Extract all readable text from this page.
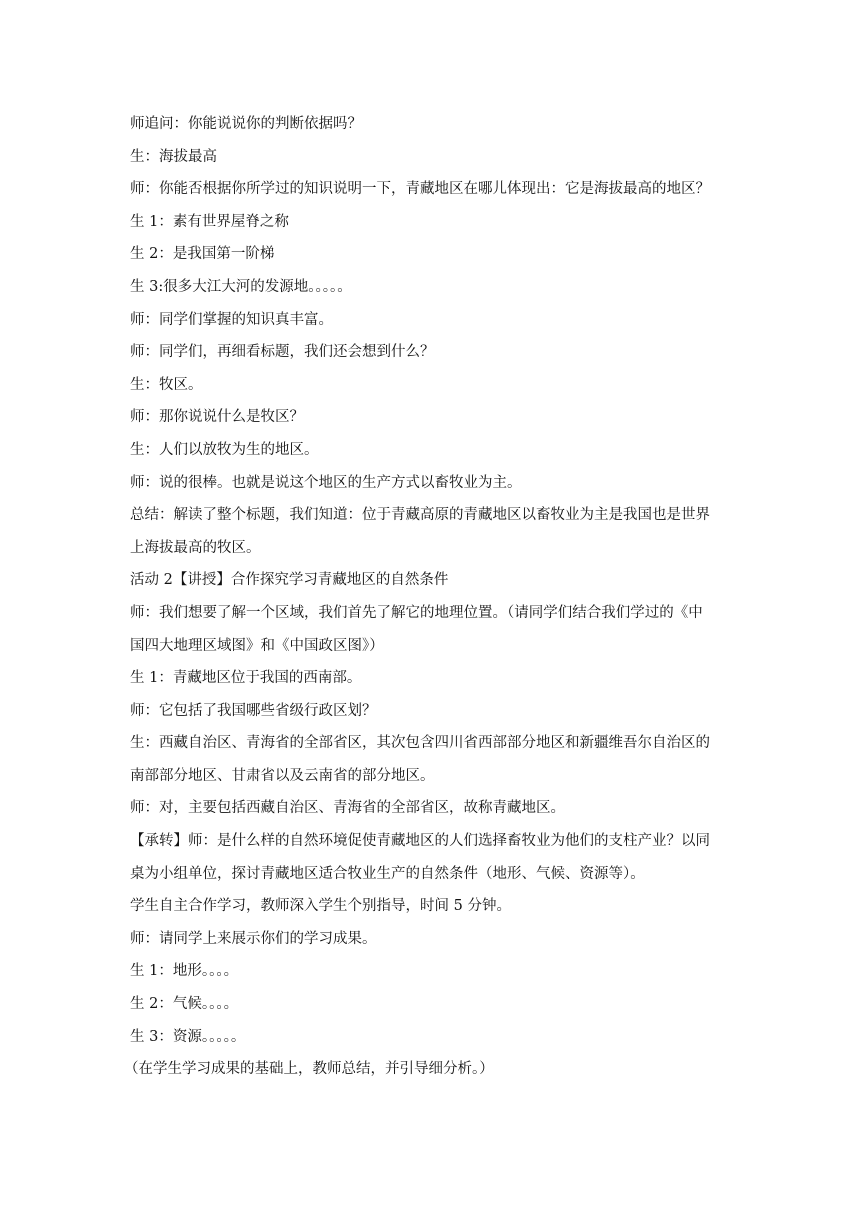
师追问：你能说说你的判断依据吗？
生：海拔最高
师：你能否根据你所学过的知识说明一下，青藏地区在哪儿体现出：它是海拔最高的地区？
生 1：素有世界屋脊之称
生 2：是我国第一阶梯
生 3:很多大江大河的发源地。。。。。
师：同学们掌握的知识真丰富。
师：同学们，再细看标题，我们还会想到什么？
生：牧区。
师：那你说说什么是牧区？
生：人们以放牧为生的地区。
师：说的很棒。也就是说这个地区的生产方式以畜牧业为主。
总结：解读了整个标题，我们知道：位于青藏高原的青藏地区以畜牧业为主是我国也是世界
上海拔最高的牧区。
活动 2【讲授】合作探究学习青藏地区的自然条件
师：我们想要了解一个区域，我们首先了解它的地理位置。（请同学们结合我们学过的《中
国四大地理区域图》和《中国政区图》）
生 1：青藏地区位于我国的西南部。
师：它包括了我国哪些省级行政区划？
生：西藏自治区、青海省的全部省区，其次包含四川省西部部分地区和新疆维吾尔自治区的
南部部分地区、甘肃省以及云南省的部分地区。
师：对，主要包括西藏自治区、青海省的全部省区，故称青藏地区。
【承转】师：是什么样的自然环境促使青藏地区的人们选择畜牧业为他们的支柱产业？以同
桌为小组单位，探讨青藏地区适合牧业生产的自然条件（地形、气候、资源等）。
学生自主合作学习，教师深入学生个别指导，时间 5 分钟。
师：请同学上来展示你们的学习成果。
生 1：地形。。。。
生 2：气候。。。。
生 3：资源。。。。。
（在学生学习成果的基础上，教师总结，并引导细分析。）
